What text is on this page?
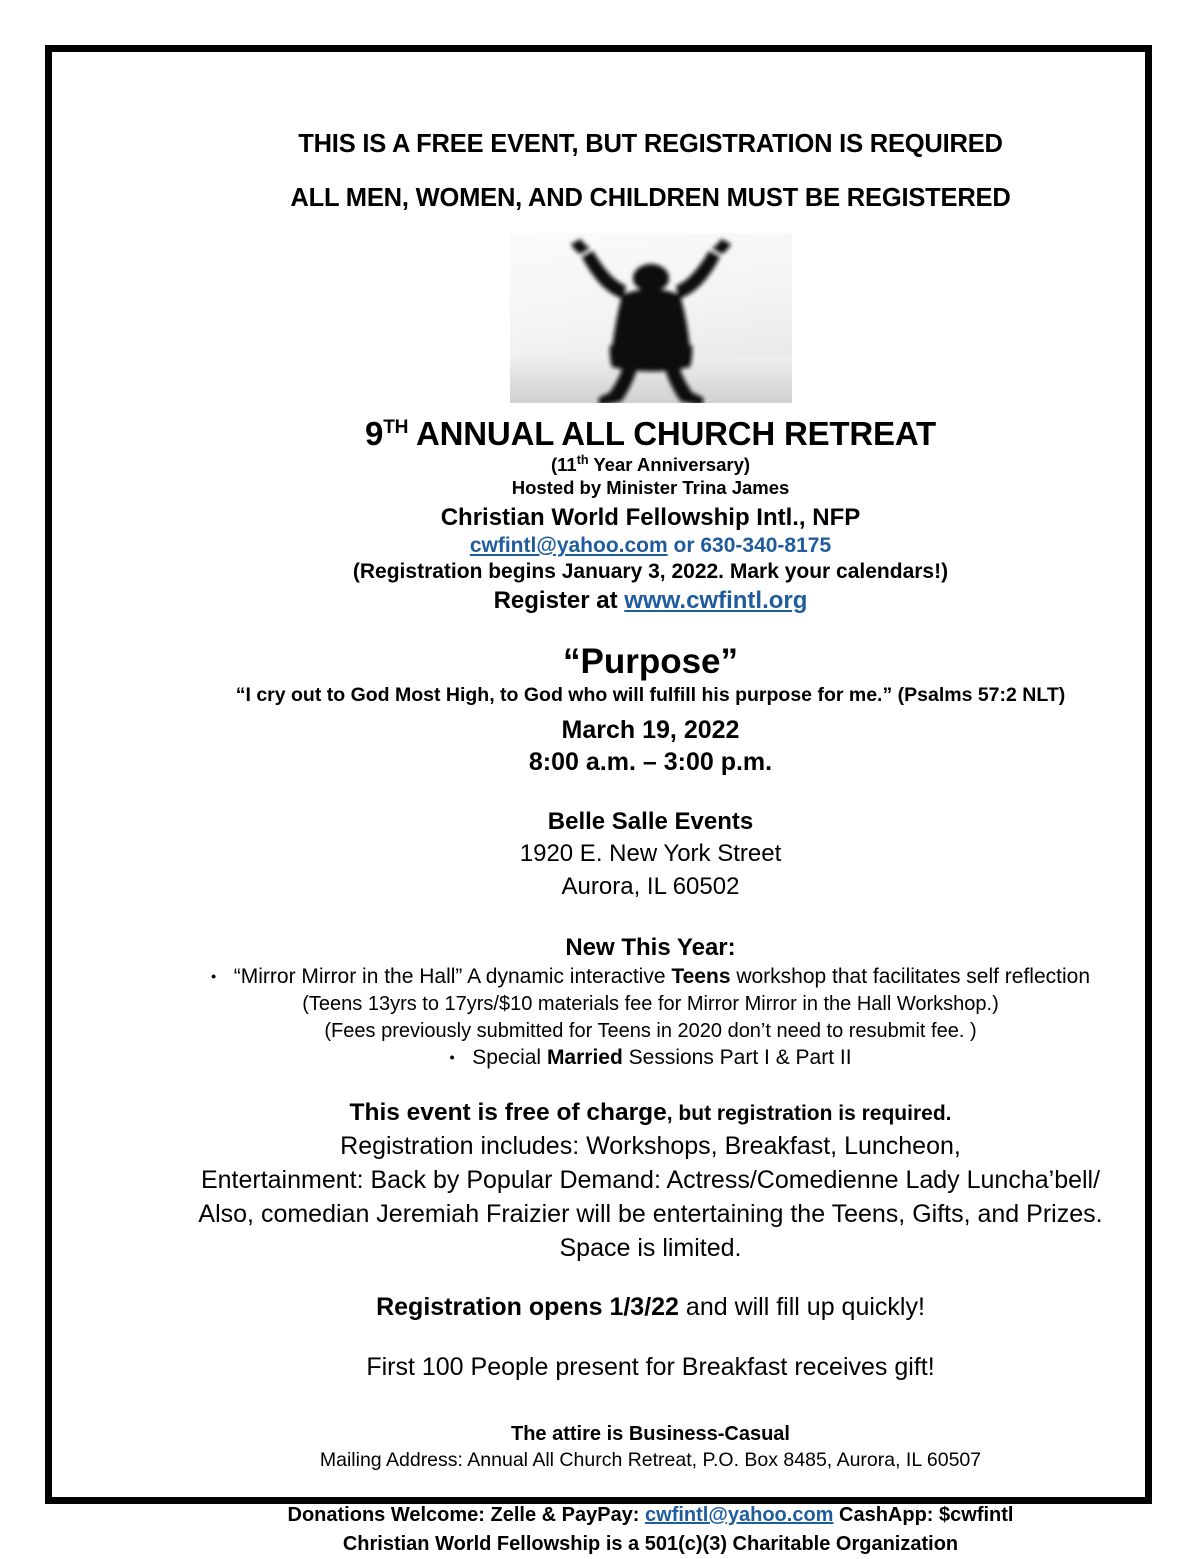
THIS IS A FREE EVENT, BUT REGISTRATION IS REQUIRED
ALL MEN, WOMEN, AND CHILDREN MUST BE REGISTERED
9TH ANNUAL ALL CHURCH RETREAT
(11th Year Anniversary)
Hosted by Minister Trina James
Christian World Fellowship Intl., NFP
cwfintl@yahoo.com or 630-340-8175
(Registration begins January 3, 2022. Mark your calendars!)
Register at www.cwfintl.org
“Purpose”
“I cry out to God Most High, to God who will fulfill his purpose for me.” (Psalms 57:2 NLT)
March 19, 2022
8:00 a.m. – 3:00 p.m.
Belle Salle Events
1920 E. New York Street
Aurora, IL 60502
New This Year:
• “Mirror Mirror in the Hall” A dynamic interactive Teens workshop that facilitates self reflection
(Teens 13yrs to 17yrs/$10 materials fee for Mirror Mirror in the Hall Workshop.)
(Fees previously submitted for Teens in 2020 don’t need to resubmit fee. )
• Special Married Sessions Part I & Part II
This event is free of charge, but registration is required.
Registration includes: Workshops, Breakfast, Luncheon,
Entertainment: Back by Popular Demand: Actress/Comedienne Lady Luncha’bell/
Also, comedian Jeremiah Fraizier will be entertaining the Teens, Gifts, and Prizes.
Space is limited.
Registration opens 1/3/22 and will fill up quickly!
First 100 People present for Breakfast receives gift!
The attire is Business-Casual
Mailing Address: Annual All Church Retreat, P.O. Box 8485, Aurora, IL 60507
Donations Welcome: Zelle & PayPay: cwfintl@yahoo.com CashApp: $cwfintl
Christian World Fellowship is a 501(c)(3) Charitable Organization
